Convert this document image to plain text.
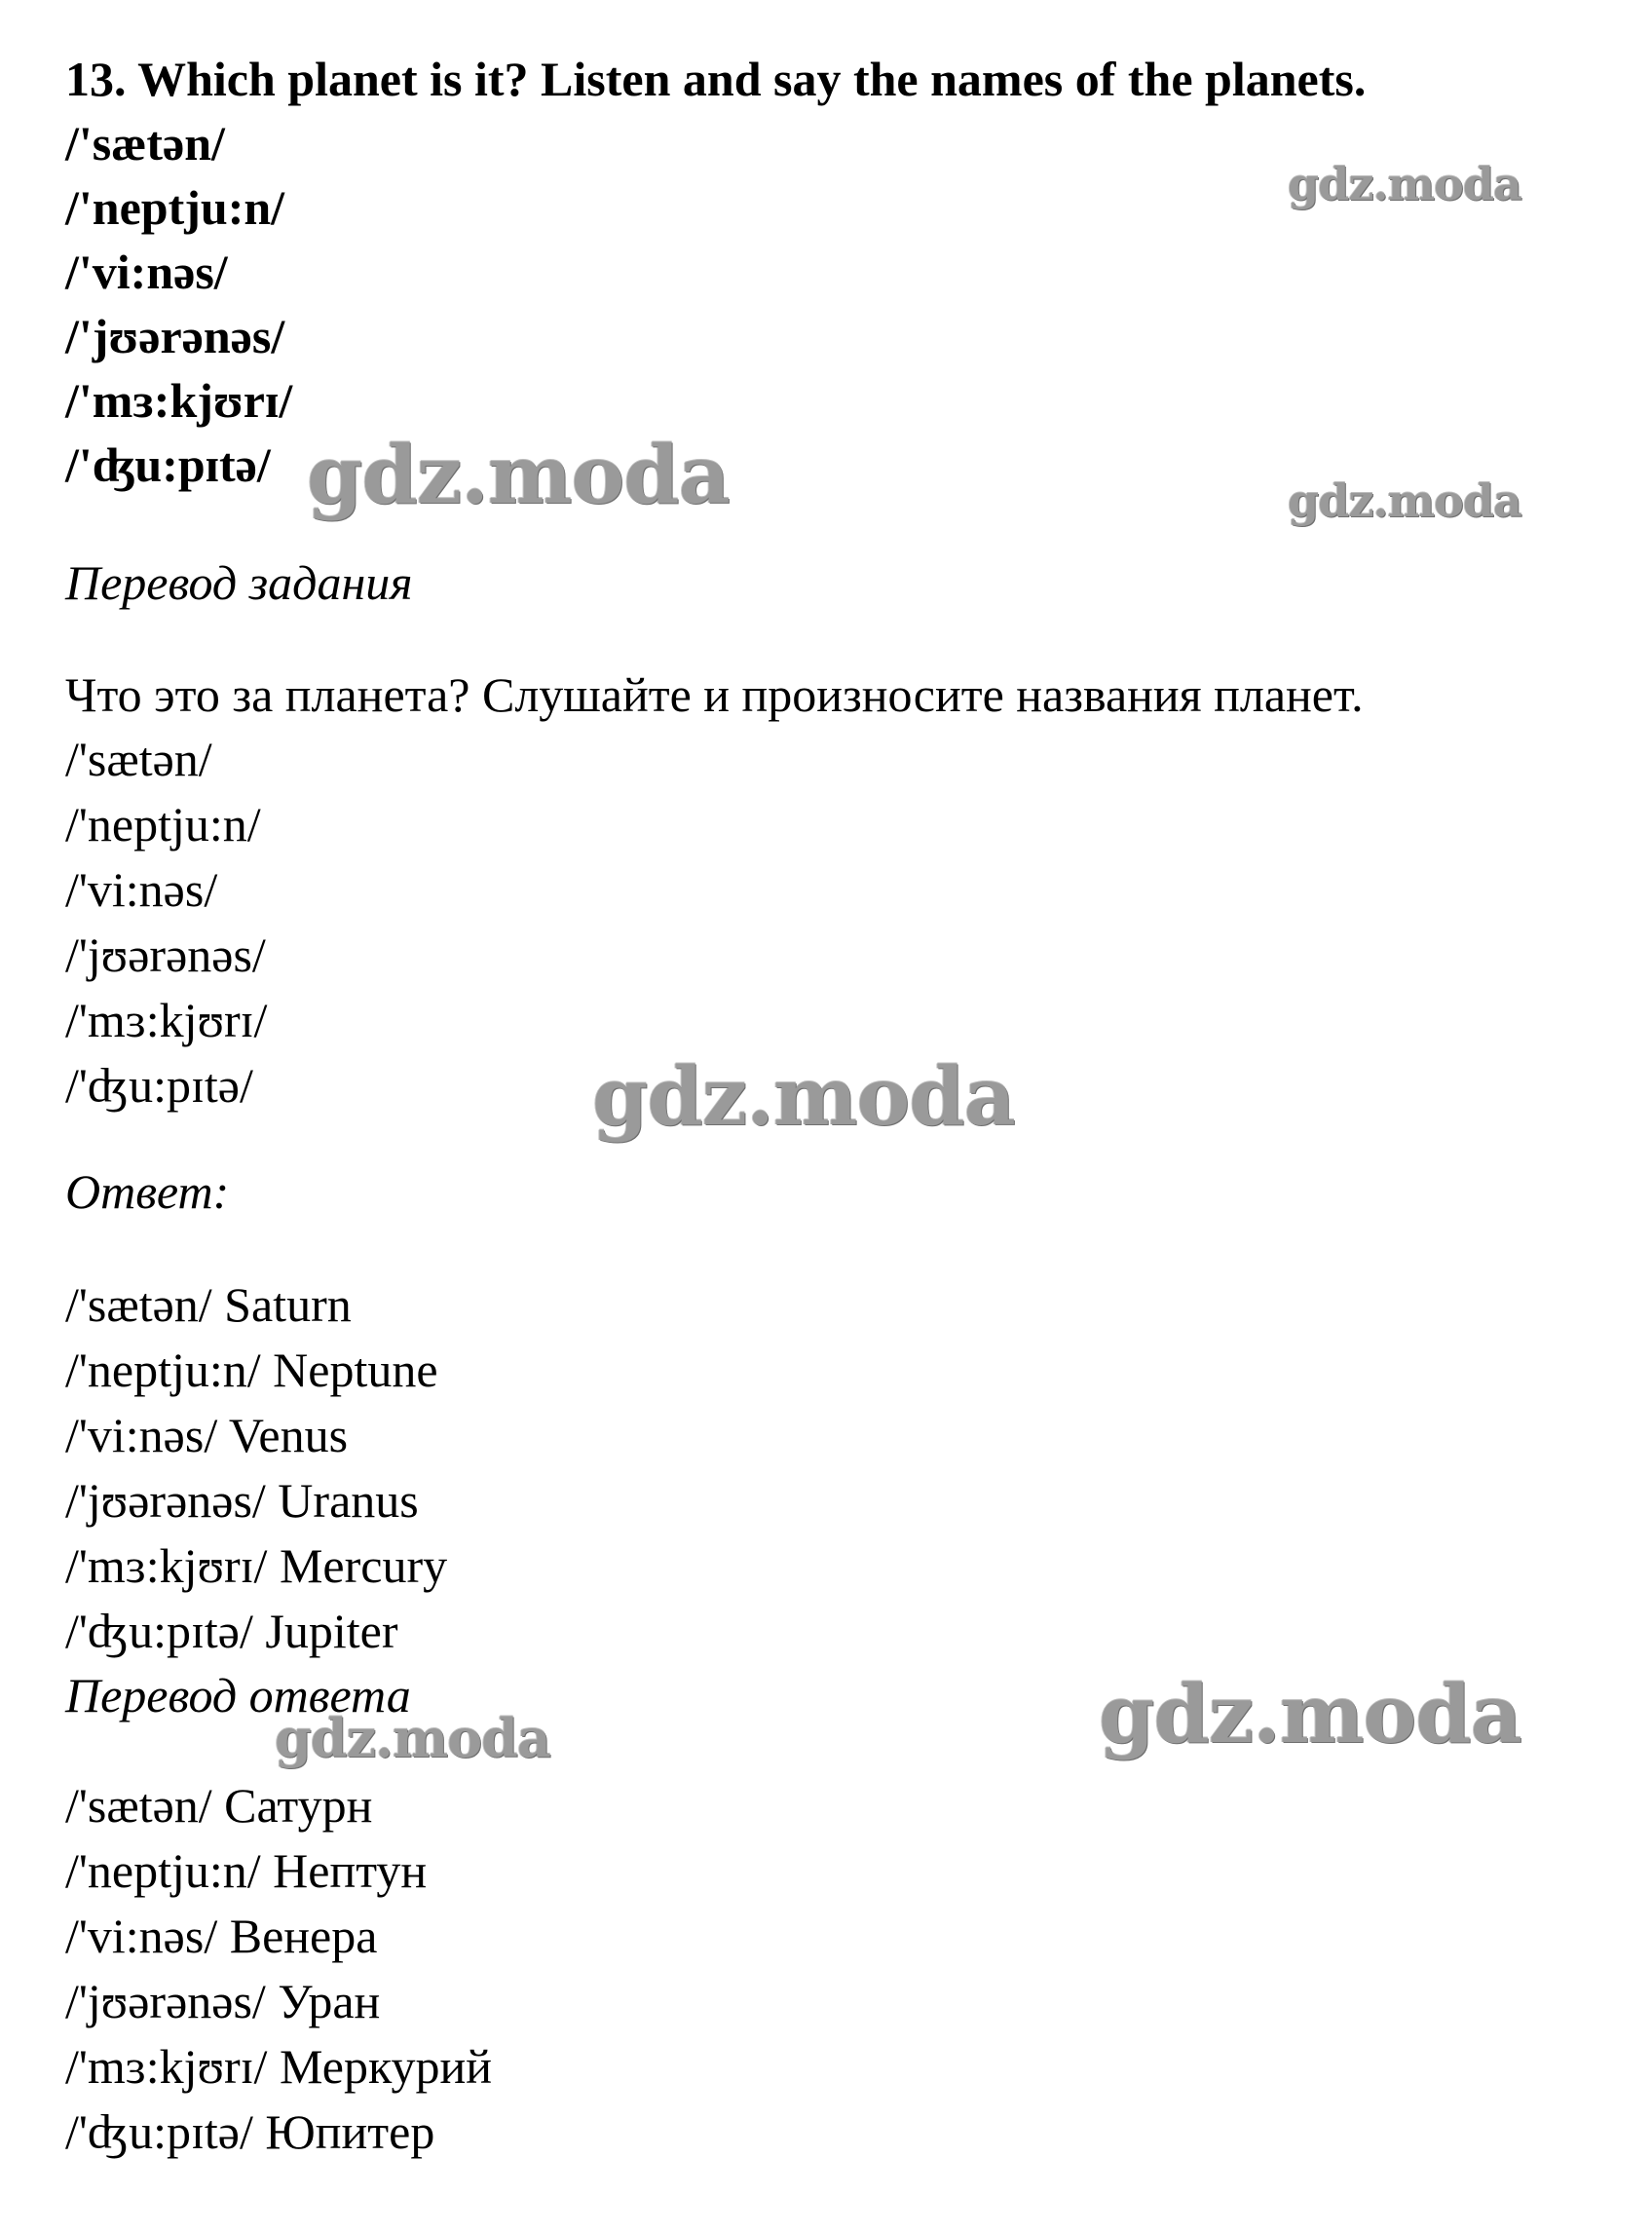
13. Which planet is it? Listen and say the names of the planets.
/'sætən/
/'neptju:n/
/'vi:nəs/
/'jʊərənəs/
/'mɜ:kjʊrɪ/
/'ʤu:pɪtə/
Перевод задания
Что это за планета? Слушайте и произносите названия планет.
/'sætən/
/'neptju:n/
/'vi:nəs/
/'jʊərənəs/
/'mɜ:kjʊrɪ/
/'ʤu:pɪtə/
Ответ:
/'sætən/ Saturn
/'neptju:n/ Neptune
/'vi:nəs/ Venus
/'jʊərənəs/ Uranus
/'mɜ:kjʊrɪ/ Mercury
/'ʤu:pɪtə/ Jupiter
Перевод ответа
/'sætən/ Сатурн
/'neptju:n/ Нептун
/'vi:nəs/ Венера
/'jʊərənəs/ Уран
/'mɜ:kjʊrɪ/ Меркурий
/'ʤu:pɪtə/ Юпитер
gdz.moda
gdz.moda	gdz.moda
gdz.moda
gdz.moda	gdz.moda
